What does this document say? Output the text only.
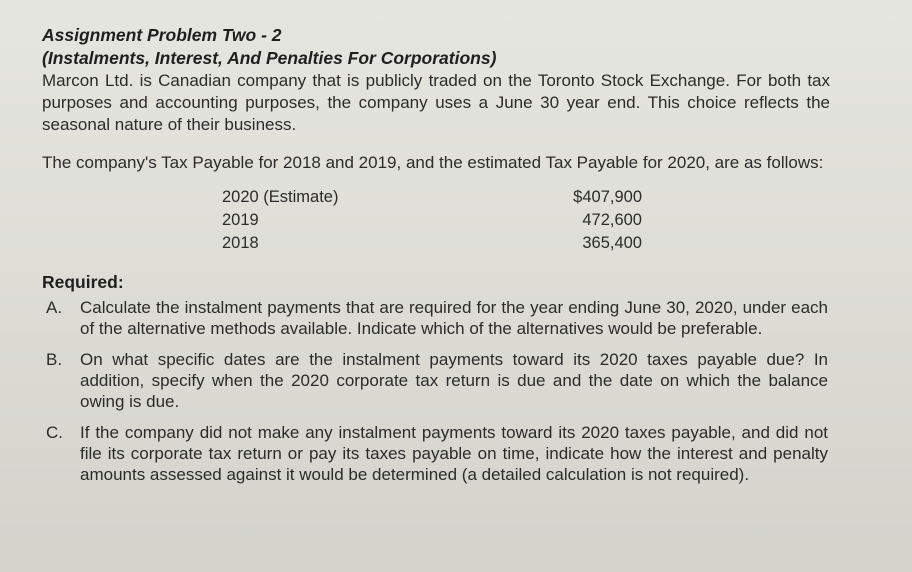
Assignment Problem Two - 2
(Instalments, Interest, And Penalties For Corporations)
Marcon Ltd. is Canadian company that is publicly traded on the Toronto Stock Exchange. For both tax purposes and accounting purposes, the company uses a June 30 year end. This choice reflects the seasonal nature of their business.
The company's Tax Payable for 2018 and 2019, and the estimated Tax Payable for 2020, are as follows:
2020 (Estimate)	$407,900
2019	472,600
2018	365,400
Required:
A. Calculate the instalment payments that are required for the year ending June 30, 2020, under each of the alternative methods available. Indicate which of the alternatives would be preferable.
B. On what specific dates are the instalment payments toward its 2020 taxes payable due? In addition, specify when the 2020 corporate tax return is due and the date on which the balance owing is due.
C. If the company did not make any instalment payments toward its 2020 taxes payable, and did not file its corporate tax return or pay its taxes payable on time, indicate how the interest and penalty amounts assessed against it would be determined (a detailed calculation is not required).
